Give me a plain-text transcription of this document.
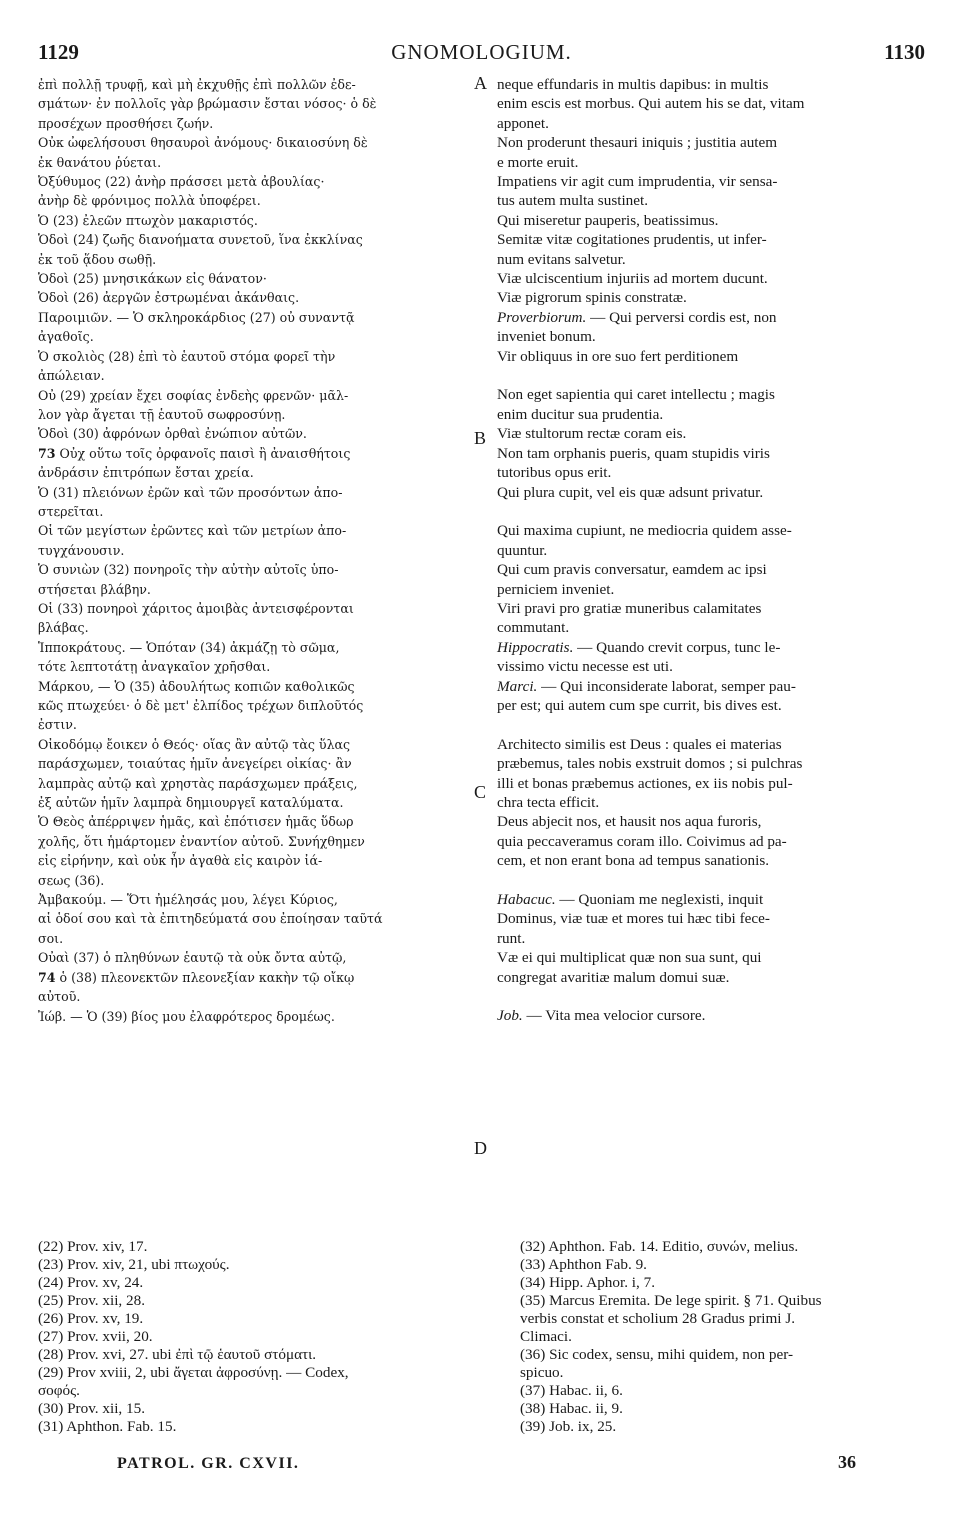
1129	GNOMOLOGIUM.	1130
A
B
C
D
ἐπὶ πολλῇ τρυφῇ, καὶ μὴ ἐκχυθῇς ἐπὶ πολλῶν ἐδε-
σμάτων· ἐν πολλοῖς γὰρ βρώμασιν ἔσται νόσος· ὁ δὲ
προσέχων προσθήσει ζωήν.
Οὐκ ὠφελήσουσι θησαυροὶ ἀνόμους· δικαιοσύνη δὲ
ἐκ θανάτου ῥύεται.
Ὀξύθυμος (22) ἀνὴρ πράσσει μετὰ ἀβουλίας·
ἀνὴρ δὲ φρόνιμος πολλὰ ὑποφέρει.
Ὁ (23) ἐλεῶν πτωχὸν μακαριστός.
Ὁδοὶ (24) ζωῆς διανοήματα συνετοῦ, ἵνα ἐκκλίνας
ἐκ τοῦ ᾅδου σωθῇ.
Ὁδοὶ (25) μνησικάκων εἰς θάνατον·
Ὁδοὶ (26) ἀεργῶν ἐστρωμέναι ἀκάνθαις.
Παροιμιῶν. — Ὁ σκληροκάρδιος (27) οὐ συναντᾷ
ἀγαθοῖς.
Ὁ σκολιὸς (28) ἐπὶ τὸ ἑαυτοῦ στόμα φορεῖ τὴν
ἀπώλειαν.
Οὐ (29) χρείαν ἔχει σοφίας ἐνδεὴς φρενῶν· μᾶλ-
λον γὰρ ἄγεται τῇ ἑαυτοῦ σωφροσύνῃ.
Ὁδοὶ (30) ἀφρόνων ὀρθαὶ ἐνώπιον αὐτῶν.
73 Οὐχ οὕτω τοῖς ὀρφανοῖς παισὶ ἢ ἀναισθήτοις
ἀνδράσιν ἐπιτρόπων ἔσται χρεία.
Ὁ (31) πλειόνων ἐρῶν καὶ τῶν προσόντων ἀπο-
στερεῖται.
Οἱ τῶν μεγίστων ἐρῶντες καὶ τῶν μετρίων ἀπο-
τυγχάνουσιν.
Ὁ συνιὼν (32) πονηροῖς τὴν αὐτὴν αὐτοῖς ὑπο-
στήσεται βλάβην.
Οἱ (33) πονηροὶ χάριτος ἀμοιβὰς ἀντεισφέρονται
βλάβας.
Ἱπποκράτους. — Ὁπόταν (34) ἀκμάζῃ τὸ σῶμα,
τότε λεπτοτάτῃ ἀναγκαῖον χρῆσθαι.
Μάρκου, — Ὁ (35) ἀδουλήτως κοπιῶν καθολικῶς
κῶς πτωχεύει· ὁ δὲ μετ' ἐλπίδος τρέχων διπλοῦτός
ἐστιν.
Οἰκοδόμῳ ἔοικεν ὁ Θεός· οἵας ἂν αὐτῷ τὰς ὕλας
παράσχωμεν, τοιαύτας ἡμῖν ἀνεγείρει οἰκίας· ἂν
λαμπρὰς αὐτῷ καὶ χρηστὰς παράσχωμεν πράξεις,
ἐξ αὐτῶν ἡμῖν λαμπρὰ δημιουργεῖ καταλύματα.
Ὁ Θεὸς ἀπέρριψεν ἡμᾶς, καὶ ἐπότισεν ἡμᾶς ὕδωρ
χολῆς, ὅτι ἡμάρτομεν ἐναντίον αὐτοῦ. Συνήχθημεν
εἰς εἰρήνην, καὶ οὐκ ἦν ἀγαθὰ εἰς καιρὸν ἰά-
σεως (36).
Ἀμβακούμ. — Ὅτι ἠμέλησάς μου, λέγει Κύριος,
αἱ ὁδοί σου καὶ τὰ ἐπιτηδεύματά σου ἐποίησαν ταῦτά
σοι.
Οὐαὶ (37) ὁ πληθύνων ἑαυτῷ τὰ οὐκ ὄντα αὐτῷ,
74 ὁ (38) πλεονεκτῶν πλεονεξίαν κακὴν τῷ οἴκῳ
αὐτοῦ.
Ἰώβ. — Ὁ (39) βίος μου ἐλαφρότερος δρομέως.
neque effundaris in multis dapibus: in multis
enim escis est morbus. Qui autem his se dat, vitam
apponet.
Non proderunt thesauri iniquis ; justitia autem
e morte eruit.
Impatiens vir agit cum imprudentia, vir sensa-
tus autem multa sustinet.
Qui miseretur pauperis, beatissimus.
Semitæ vitæ cogitationes prudentis, ut infer-
num evitans salvetur.
Viæ ulciscentium injuriis ad mortem ducunt.
Viæ pigrorum spinis constratæ.
Proverbiorum. — Qui perversi cordis est, non
inveniet bonum.
Vir obliquus in ore suo fert perditionem
Non eget sapientia qui caret intellectu ; magis
enim ducitur sua prudentia.
Viæ stultorum rectæ coram eis.
Non tam orphanis pueris, quam stupidis viris
tutoribus opus erit.
Qui plura cupit, vel eis quæ adsunt privatur.
Qui maxima cupiunt, ne mediocria quidem asse-
quuntur.
Qui cum pravis conversatur, eamdem ac ipsi
perniciem inveniet.
Viri pravi pro gratiæ muneribus calamitates
commutant.
Hippocratis. — Quando crevit corpus, tunc le-
vissimo victu necesse est uti.
Marci. — Qui inconsiderate laborat, semper pau-
per est; qui autem cum spe currit, bis dives est.
Architecto similis est Deus : quales ei materias
præbemus, tales nobis exstruit domos ; si pulchras
illi et bonas præbemus actiones, ex iis nobis pul-
chra tecta efficit.
Deus abjecit nos, et hausit nos aqua furoris,
quia peccaveramus coram illo. Coivimus ad pa-
cem, et non erant bona ad tempus sanationis.
Habacuc. — Quoniam me neglexisti, inquit
Dominus, viæ tuæ et mores tui hæc tibi fece-
runt.
Væ ei qui multiplicat quæ non sua sunt, qui
congregat avaritiæ malum domui suæ.
Job. — Vita mea velocior cursore.
(22) Prov. xiv, 17.
(23) Prov. xiv, 21, ubi πτωχούς.
(24) Prov. xv, 24.
(25) Prov. xii, 28.
(26) Prov. xv, 19.
(27) Prov. xvii, 20.
(28) Prov. xvi, 27. ubi ἐπὶ τῷ ἑαυτοῦ στόματι.
(29) Prov xviii, 2, ubi ἄγεται ἀφροσύνῃ. — Codex,
σοφός.
(30) Prov. xii, 15.
(31) Aphthon. Fab. 15.
(32) Aphthon. Fab. 14. Editio, συνών, melius.
(33) Aphthon Fab. 9.
(34) Hipp. Aphor. i, 7.
(35) Marcus Eremita. De lege spirit. § 71. Quibus
verbis constat et scholium 28 Gradus primi J.
Climaci.
(36) Sic codex, sensu, mihi quidem, non per-
spicuo.
(37) Habac. ii, 6.
(38) Habac. ii, 9.
(39) Job. ix, 25.
PATROL. GR. CXVII.	36
